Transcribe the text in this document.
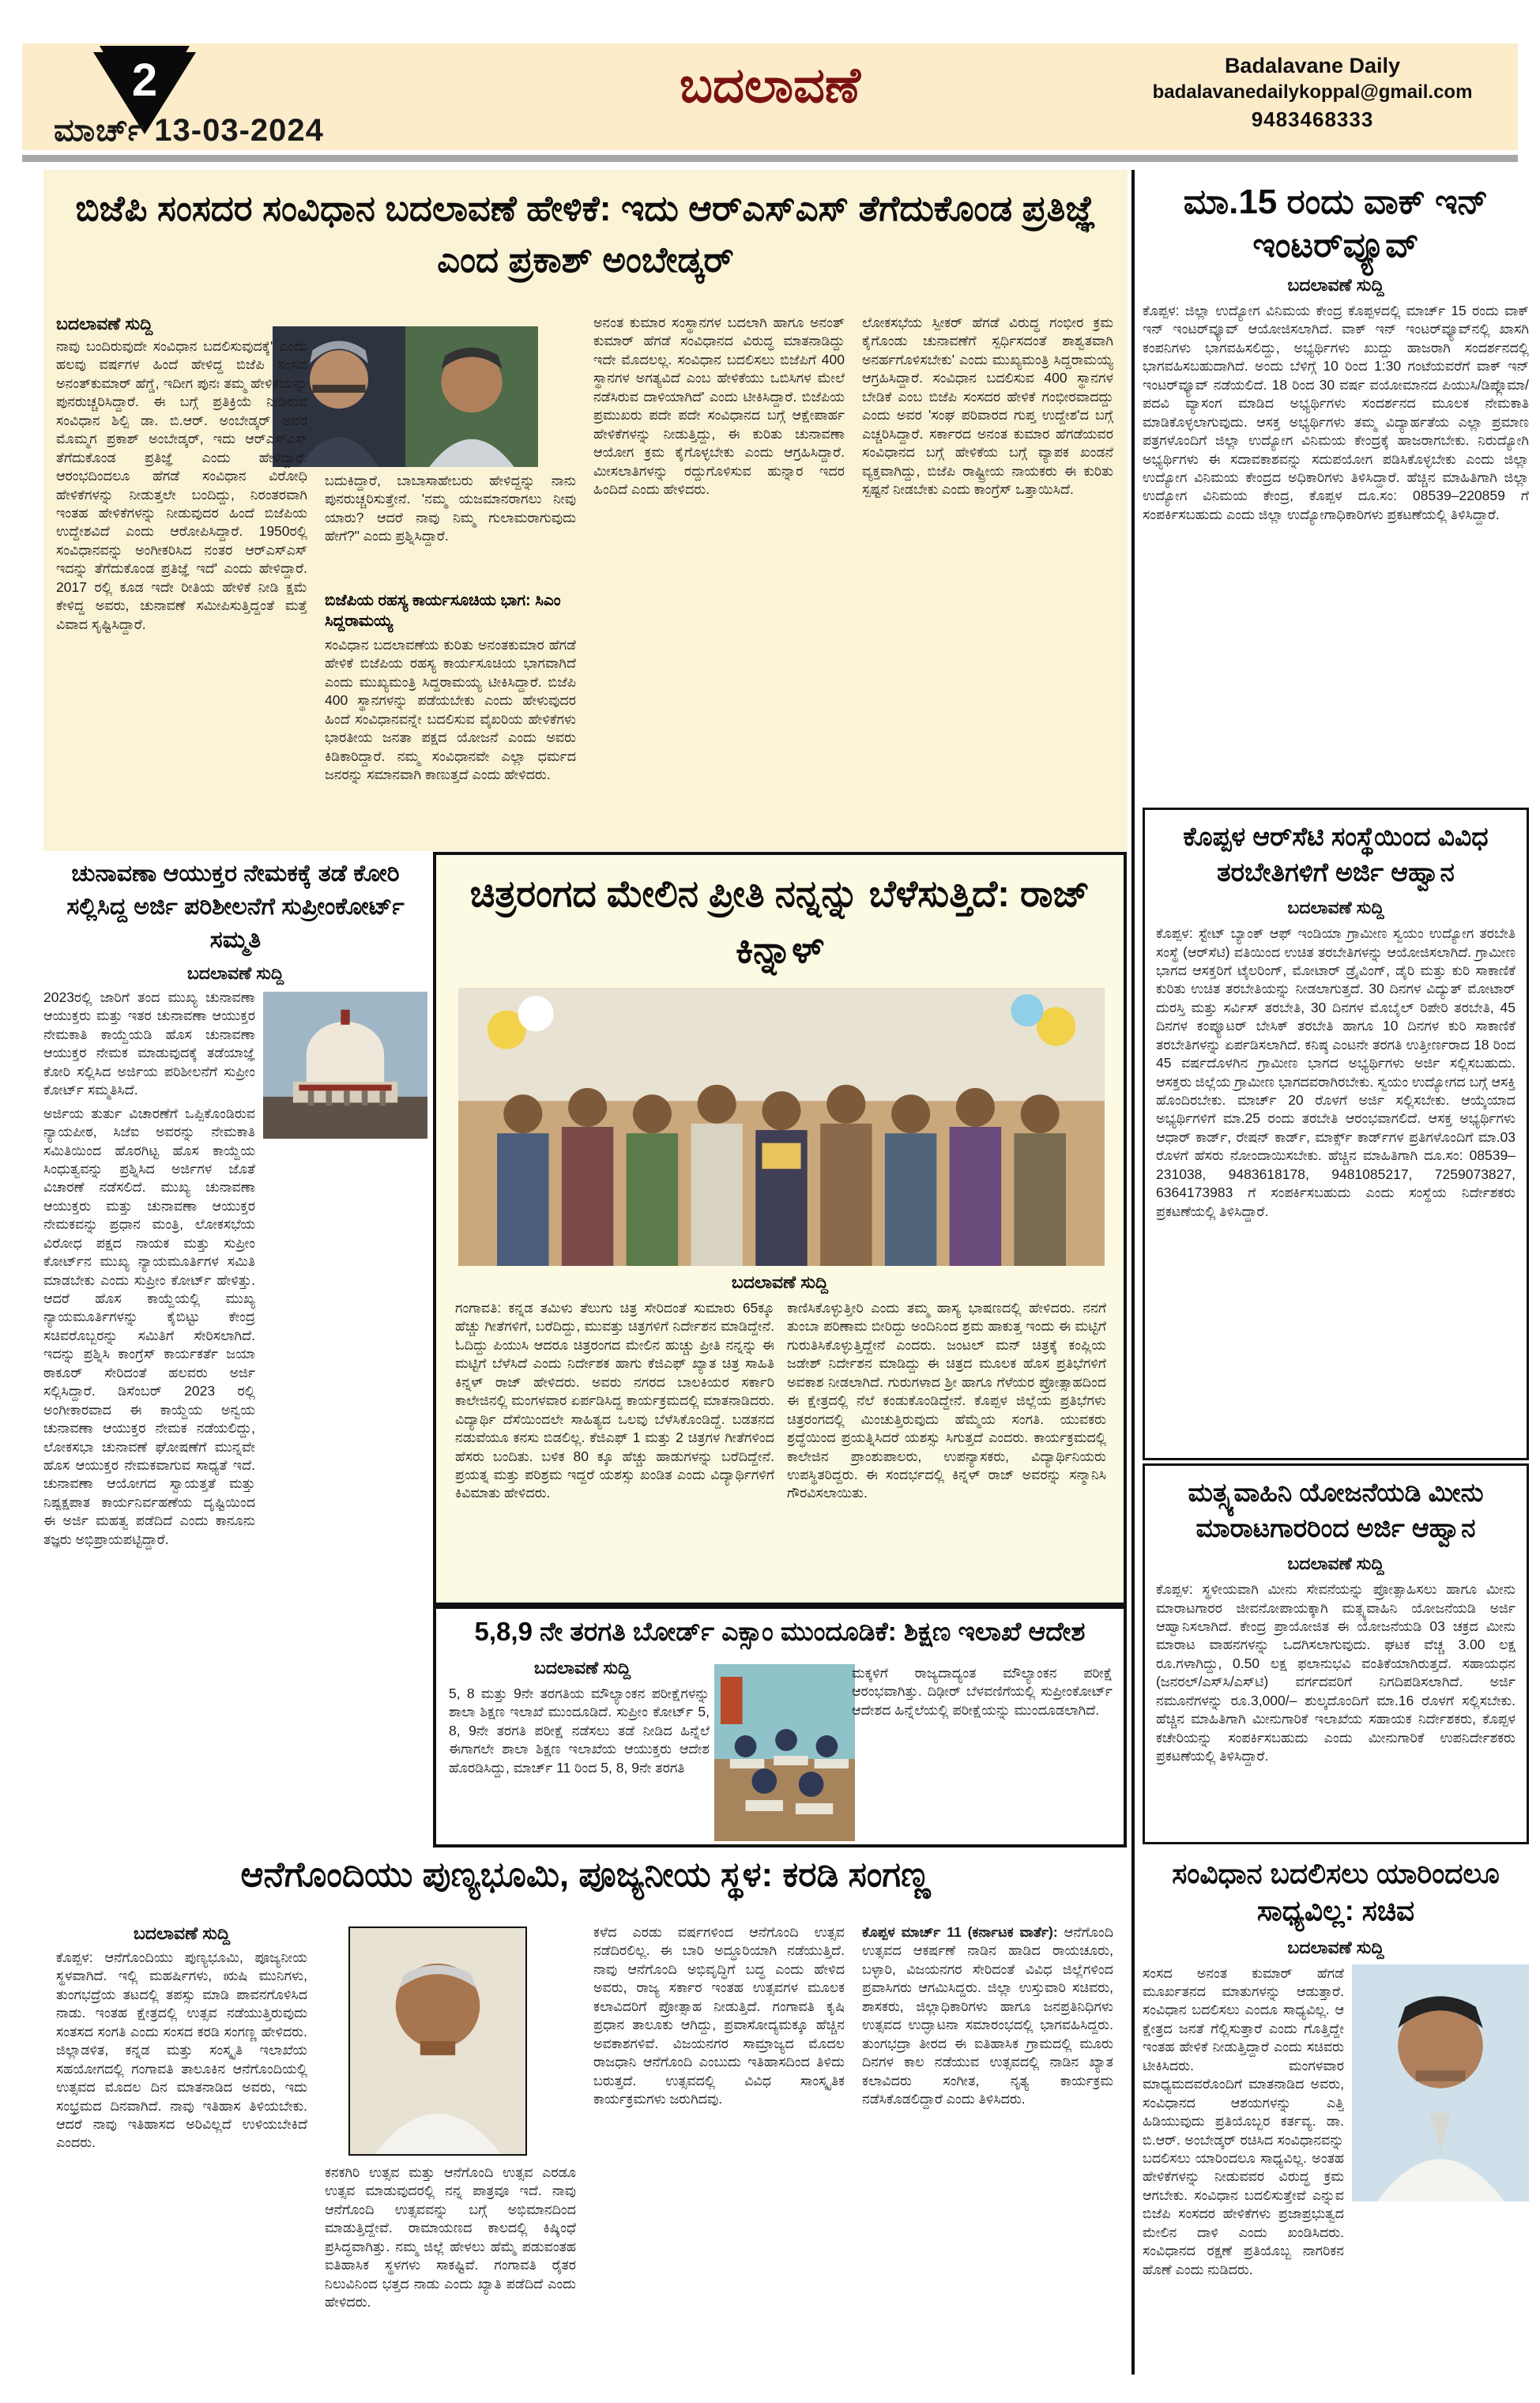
2
ಮಾರ್ಚ್ 13-03-2024
ಬದಲಾವಣೆ	Badalavane Daily
badalavanedailykoppal@gmail.com
9483468333
ಬಿಜೆಪಿ ಸಂಸದರ ಸಂವಿಧಾನ ಬದಲಾವಣೆ ಹೇಳಿಕೆ: ಇದು ಆರ್‌ಎಸ್‌ಎಸ್ ತೆಗೆದುಕೊಂಡ ಪ್ರತಿಜ್ಞೆ ಎಂದ ಪ್ರಕಾಶ್ ಅಂಬೇಡ್ಕರ್
ಬದಲಾವಣೆ ಸುದ್ದಿ
ನಾವು ಬಂದಿರುವುದೇ ಸಂವಿಧಾನ ಬದಲಿಸುವುದಕ್ಕೆ' ಎಂದು ಹಲವು ವರ್ಷಗಳ ಹಿಂದೆ ಹೇಳಿದ್ದ ಬಿಜೆಪಿ ಸಂಸದ ಅನಂತ್‌ಕುಮಾರ್ ಹೆಗ್ಡೆ, ಇದೀಗ ಪುನಃ ತಮ್ಮ ಹೇಳಿಕೆಯನ್ನು ಪುನರುಚ್ಚರಿಸಿದ್ದಾರೆ. ಈ ಬಗ್ಗೆ ಪ್ರತಿಕ್ರಿಯೆ ನೀಡಿರುವ ಸಂವಿಧಾನ ಶಿಲ್ಪಿ ಡಾ. ಬಿ.ಆರ್. ಅಂಬೇಡ್ಕರ್ ಅವರ ಮೊಮ್ಮಗ ಪ್ರಕಾಶ್ ಅಂಬೇಡ್ಕರ್, ಇದು ಆರ್‌ಎಸ್‌ಎಸ್ ತೆಗೆದುಕೊಂಡ ಪ್ರತಿಜ್ಞೆ ಎಂದು ಹೇಳಿದ್ದಾರೆ. ಆರಂಭದಿಂದಲೂ ಹೆಗಡೆ ಸಂವಿಧಾನ ವಿರೋಧಿ ಹೇಳಿಕೆಗಳನ್ನು ನೀಡುತ್ತಲೇ ಬಂದಿದ್ದು, ನಿರಂತರವಾಗಿ ಇಂತಹ ಹೇಳಿಕೆಗಳನ್ನು ನೀಡುವುದರ ಹಿಂದೆ ಬಿಜೆಪಿಯ ಉದ್ದೇಶವಿದೆ ಎಂದು ಆರೋಪಿಸಿದ್ದಾರೆ. 1950ರಲ್ಲಿ ಸಂವಿಧಾನವನ್ನು ಅಂಗೀಕರಿಸಿದ ನಂತರ ಆರ್‌ಎಸ್‌ಎಸ್ ಇದನ್ನು ತೆಗೆದುಕೊಂಡ ಪ್ರತಿಜ್ಞೆ ಇದೆ' ಎಂದು ಹೇಳಿದ್ದಾರೆ. 2017 ರಲ್ಲಿ ಕೂಡ ಇದೇ ರೀತಿಯ ಹೇಳಿಕೆ ನೀಡಿ ಕ್ಷಮೆ ಕೇಳಿದ್ದ ಅವರು, ಚುನಾವಣೆ ಸಮೀಪಿಸುತ್ತಿದ್ದಂತೆ ಮತ್ತೆ ವಿವಾದ ಸೃಷ್ಟಿಸಿದ್ದಾರೆ.
ಬದುಕಿದ್ದಾರೆ, ಬಾಬಾಸಾಹೇಬರು ಹೇಳಿದ್ದನ್ನು ನಾನು ಪುನರುಚ್ಚರಿಸುತ್ತೇನೆ. 'ನಮ್ಮ ಯಜಮಾನರಾಗಲು ನೀವು ಯಾರು? ಆದರೆ ನಾವು ನಿಮ್ಮ ಗುಲಾಮರಾಗುವುದು ಹೇಗೆ?" ಎಂದು ಪ್ರಶ್ನಿಸಿದ್ದಾರೆ.
ಬಿಜೆಪಿಯ ರಹಸ್ಯ ಕಾರ್ಯಸೂಚಿಯ ಭಾಗ: ಸಿಎಂ ಸಿದ್ದರಾಮಯ್ಯ
ಸಂವಿಧಾನ ಬದಲಾವಣೆಯ ಕುರಿತು ಅನಂತಕುಮಾರ ಹೆಗಡೆ ಹೇಳಿಕೆ ಬಿಜೆಪಿಯ ರಹಸ್ಯ ಕಾರ್ಯಸೂಚಿಯ ಭಾಗವಾಗಿದೆ ಎಂದು ಮುಖ್ಯಮಂತ್ರಿ ಸಿದ್ದರಾಮಯ್ಯ ಟೀಕಿಸಿದ್ದಾರೆ. ಬಿಜೆಪಿ 400 ಸ್ಥಾನಗಳನ್ನು ಪಡೆಯಬೇಕು ಎಂದು ಹೇಳುವುದರ ಹಿಂದೆ ಸಂವಿಧಾನವನ್ನೇ ಬದಲಿಸುವ ವೈಖರಿಯ ಹೇಳಿಕೆಗಳು ಭಾರತೀಯ ಜನತಾ ಪಕ್ಷದ ಯೋಜನೆ ಎಂದು ಅವರು ಕಿಡಿಕಾರಿದ್ದಾರೆ. ನಮ್ಮ ಸಂವಿಧಾನವೇ ಎಲ್ಲಾ ಧರ್ಮದ ಜನರನ್ನು ಸಮಾನವಾಗಿ ಕಾಣುತ್ತದೆ ಎಂದು ಹೇಳಿದರು.
ಅನಂತ ಕುಮಾರ ಸಂಸ್ಥಾನಗಳ ಬದಲಾಗಿ ಹಾಗೂ ಅನಂತ್ ಕುಮಾರ್ ಹೆಗಡೆ ಸಂವಿಧಾನದ ವಿರುದ್ಧ ಮಾತನಾಡಿದ್ದು ಇದೇ ಮೊದಲಲ್ಲ. ಸಂವಿಧಾನ ಬದಲಿಸಲು ಬಿಜೆಪಿಗೆ 400 ಸ್ಥಾನಗಳ ಅಗತ್ಯವಿದೆ ಎಂಬ ಹೇಳಿಕೆಯು ಒಬಿಸಿಗಳ ಮೇಲೆ ನಡೆಸಿರುವ ದಾಳಿಯಾಗಿದೆ' ಎಂದು ಟೀಕಿಸಿದ್ದಾರೆ. ಬಿಜೆಪಿಯ ಪ್ರಮುಖರು ಪದೇ ಪದೇ ಸಂವಿಧಾನದ ಬಗ್ಗೆ ಆಕ್ಷೇಪಾರ್ಹ ಹೇಳಿಕೆಗಳನ್ನು ನೀಡುತ್ತಿದ್ದು, ಈ ಕುರಿತು ಚುನಾವಣಾ ಆಯೋಗ ಕ್ರಮ ಕೈಗೊಳ್ಳಬೇಕು ಎಂದು ಆಗ್ರಹಿಸಿದ್ದಾರೆ. ಮೀಸಲಾತಿಗಳನ್ನು ರದ್ದುಗೊಳಿಸುವ ಹುನ್ನಾರ ಇದರ ಹಿಂದಿದೆ ಎಂದು ಹೇಳಿದರು.
ಲೋಕಸಭೆಯ ಸ್ಪೀಕರ್ ಹೆಗಡೆ ವಿರುದ್ಧ ಗಂಭೀರ ಕ್ರಮ ಕೈಗೊಂಡು ಚುನಾವಣೆಗೆ ಸ್ಪರ್ಧಿಸದಂತೆ ಶಾಶ್ವತವಾಗಿ ಅನರ್ಹಗೊಳಿಸಬೇಕು' ಎಂದು ಮುಖ್ಯಮಂತ್ರಿ ಸಿದ್ದರಾಮಯ್ಯ ಆಗ್ರಹಿಸಿದ್ದಾರೆ. ಸಂವಿಧಾನ ಬದಲಿಸುವ 400 ಸ್ಥಾನಗಳ ಬೇಡಿಕೆ ಎಂಬ ಬಿಜೆಪಿ ಸಂಸದರ ಹೇಳಿಕೆ ಗಂಭೀರವಾದದ್ದು ಎಂದು ಅವರ 'ಸಂಘ ಪರಿವಾರದ ಗುಪ್ತ ಉದ್ದೇಶ'ದ ಬಗ್ಗೆ ಎಚ್ಚರಿಸಿದ್ದಾರೆ. ಸರ್ಕಾರದ ಅನಂತ ಕುಮಾರ ಹೆಗಡೆಯವರ ಸಂವಿಧಾನದ ಬಗ್ಗೆ ಹೇಳಿಕೆಯ ಬಗ್ಗೆ ವ್ಯಾಪಕ ಖಂಡನೆ ವ್ಯಕ್ತವಾಗಿದ್ದು, ಬಿಜೆಪಿ ರಾಷ್ಟ್ರೀಯ ನಾಯಕರು ಈ ಕುರಿತು ಸ್ಪಷ್ಟನೆ ನೀಡಬೇಕು ಎಂದು ಕಾಂಗ್ರೆಸ್ ಒತ್ತಾಯಿಸಿದೆ.
ಮಾ.15 ರಂದು ವಾಕ್ ಇನ್ ಇಂಟರ್‌ವ್ಯೂವ್
ಬದಲಾವಣೆ ಸುದ್ದಿ
ಕೊಪ್ಪಳ: ಜಿಲ್ಲಾ ಉದ್ಯೋಗ ವಿನಿಮಯ ಕೇಂದ್ರ ಕೊಪ್ಪಳದಲ್ಲಿ ಮಾರ್ಚ್ 15 ರಂದು ವಾಕ್ ಇನ್ ಇಂಟರ್‌ವ್ಯೂವ್ ಆಯೋಜಿಸಲಾಗಿದೆ. ವಾಕ್ ಇನ್ ಇಂಟರ್‌ವ್ಯೂವ್‌ನಲ್ಲಿ ಖಾಸಗಿ ಕಂಪನಿಗಳು ಭಾಗವಹಿಸಲಿದ್ದು, ಅಭ್ಯರ್ಥಿಗಳು ಖುದ್ದು ಹಾಜರಾಗಿ ಸಂದರ್ಶನದಲ್ಲಿ ಭಾಗವಹಿಸಬಹುದಾಗಿದೆ. ಅಂದು ಬೆಳಿಗ್ಗೆ 10 ರಿಂದ 1:30 ಗಂಟೆಯವರೆಗೆ ವಾಕ್ ಇನ್ ಇಂಟರ್‌ವ್ಯೂವ್ ನಡೆಯಲಿದೆ. 18 ರಿಂದ 30 ವರ್ಷ ವಯೋಮಾನದ ಪಿಯುಸಿ/ಡಿಪ್ಲೊಮಾ/ಪದವಿ ವ್ಯಾಸಂಗ ಮಾಡಿದ ಅಭ್ಯರ್ಥಿಗಳು ಸಂದರ್ಶನದ ಮೂಲಕ ನೇಮಕಾತಿ ಮಾಡಿಕೊಳ್ಳಲಾಗುವುದು. ಆಸಕ್ತ ಅಭ್ಯರ್ಥಿಗಳು ತಮ್ಮ ವಿದ್ಯಾರ್ಹತೆಯ ಎಲ್ಲಾ ಪ್ರಮಾಣ ಪತ್ರಗಳೊಂದಿಗೆ ಜಿಲ್ಲಾ ಉದ್ಯೋಗ ವಿನಿಮಯ ಕೇಂದ್ರಕ್ಕೆ ಹಾಜರಾಗಬೇಕು. ನಿರುದ್ಯೋಗಿ ಅಭ್ಯರ್ಥಿಗಳು ಈ ಸದಾವಕಾಶವನ್ನು ಸದುಪಯೋಗ ಪಡಿಸಿಕೊಳ್ಳಬೇಕು ಎಂದು ಜಿಲ್ಲಾ ಉದ್ಯೋಗ ವಿನಿಮಯ ಕೇಂದ್ರದ ಅಧಿಕಾರಿಗಳು ತಿಳಿಸಿದ್ದಾರೆ. ಹೆಚ್ಚಿನ ಮಾಹಿತಿಗಾಗಿ ಜಿಲ್ಲಾ ಉದ್ಯೋಗ ವಿನಿಮಯ ಕೇಂದ್ರ, ಕೊಪ್ಪಳ ದೂ.ಸಂ: 08539–220859 ಗೆ ಸಂಪರ್ಕಿಸಬಹುದು ಎಂದು ಜಿಲ್ಲಾ ಉದ್ಯೋಗಾಧಿಕಾರಿಗಳು ಪ್ರಕಟಣೆಯಲ್ಲಿ ತಿಳಿಸಿದ್ದಾರೆ.
ಕೊಪ್ಪಳ ಆರ್‌ಸೆಟಿ ಸಂಸ್ಥೆಯಿಂದ ವಿವಿಧ ತರಬೇತಿಗಳಿಗೆ ಅರ್ಜಿ ಆಹ್ವಾನ
ಬದಲಾವಣೆ ಸುದ್ದಿ
ಕೊಪ್ಪಳ: ಸ್ಟೇಟ್ ಬ್ಯಾಂಕ್ ಆಫ್ ಇಂಡಿಯಾ ಗ್ರಾಮೀಣ ಸ್ವಯಂ ಉದ್ಯೋಗ ತರಬೇತಿ ಸಂಸ್ಥೆ (ಆರ್‌ಸೆಟಿ) ವತಿಯಿಂದ ಉಚಿತ ತರಬೇತಿಗಳನ್ನು ಆಯೋಜಿಸಲಾಗಿದೆ. ಗ್ರಾಮೀಣ ಭಾಗದ ಆಸಕ್ತರಿಗೆ ಟೈಲರಿಂಗ್, ಮೋಟಾರ್ ಡ್ರೈವಿಂಗ್, ಡೈರಿ ಮತ್ತು ಕುರಿ ಸಾಕಾಣಿಕೆ ಕುರಿತು ಉಚಿತ ತರಬೇತಿಯನ್ನು ನೀಡಲಾಗುತ್ತದೆ. 30 ದಿನಗಳ ವಿದ್ಯುತ್ ಮೋಟಾರ್ ದುರಸ್ತಿ ಮತ್ತು ಸರ್ವಿಸ್ ತರಬೇತಿ, 30 ದಿನಗಳ ಮೊಬೈಲ್ ರಿಪೇರಿ ತರಬೇತಿ, 45 ದಿನಗಳ ಕಂಪ್ಯೂಟರ್ ಬೇಸಿಕ್ ತರಬೇತಿ ಹಾಗೂ 10 ದಿನಗಳ ಕುರಿ ಸಾಕಾಣಿಕೆ ತರಬೇತಿಗಳನ್ನು ಏರ್ಪಡಿಸಲಾಗಿದೆ. ಕನಿಷ್ಠ ಎಂಟನೇ ತರಗತಿ ಉತ್ತೀರ್ಣರಾದ 18 ರಿಂದ 45 ವರ್ಷದೊಳಗಿನ ಗ್ರಾಮೀಣ ಭಾಗದ ಅಭ್ಯರ್ಥಿಗಳು ಅರ್ಜಿ ಸಲ್ಲಿಸಬಹುದು. ಆಸಕ್ತರು ಜಿಲ್ಲೆಯ ಗ್ರಾಮೀಣ ಭಾಗದವರಾಗಿರಬೇಕು. ಸ್ವಯಂ ಉದ್ಯೋಗದ ಬಗ್ಗೆ ಆಸಕ್ತಿ ಹೊಂದಿರಬೇಕು. ಮಾರ್ಚ್ 20 ರೊಳಗೆ ಅರ್ಜಿ ಸಲ್ಲಿಸಬೇಕು. ಆಯ್ಕೆಯಾದ ಅಭ್ಯರ್ಥಿಗಳಿಗೆ ಮಾ.25 ರಂದು ತರಬೇತಿ ಆರಂಭವಾಗಲಿದೆ. ಆಸಕ್ತ ಅಭ್ಯರ್ಥಿಗಳು ಆಧಾರ್ ಕಾರ್ಡ್, ರೇಷನ್ ಕಾರ್ಡ್, ಮಾರ್ಕ್ಸ್ ಕಾರ್ಡ್‌ಗಳ ಪ್ರತಿಗಳೊಂದಿಗೆ ಮಾ.03 ರೊಳಗೆ ಹೆಸರು ನೋಂದಾಯಿಸಬೇಕು. ಹೆಚ್ಚಿನ ಮಾಹಿತಿಗಾಗಿ ದೂ.ಸಂ: 08539–231038, 9483618178, 9481085217, 7259073827, 6364173983 ಗೆ ಸಂಪರ್ಕಿಸಬಹುದು ಎಂದು ಸಂಸ್ಥೆಯ ನಿರ್ದೇಶಕರು ಪ್ರಕಟಣೆಯಲ್ಲಿ ತಿಳಿಸಿದ್ದಾರೆ.
ಮತ್ಸ್ಯವಾಹಿನಿ ಯೋಜನೆಯಡಿ ಮೀನು ಮಾರಾಟಗಾರರಿಂದ ಅರ್ಜಿ ಆಹ್ವಾನ
ಬದಲಾವಣೆ ಸುದ್ದಿ
ಕೊಪ್ಪಳ: ಸ್ಥಳೀಯವಾಗಿ ಮೀನು ಸೇವನೆಯನ್ನು ಪ್ರೋತ್ಸಾಹಿಸಲು ಹಾಗೂ ಮೀನು ಮಾರಾಟಗಾರರ ಜೀವನೋಪಾಯಕ್ಕಾಗಿ ಮತ್ಸ್ಯವಾಹಿನಿ ಯೋಜನೆಯಡಿ ಅರ್ಜಿ ಆಹ್ವಾನಿಸಲಾಗಿದೆ. ಕೇಂದ್ರ ಪ್ರಾಯೋಜಿತ ಈ ಯೋಜನೆಯಡಿ 03 ಚಕ್ರದ ಮೀನು ಮಾರಾಟ ವಾಹನಗಳನ್ನು ಒದಗಿಸಲಾಗುವುದು. ಘಟಕ ವೆಚ್ಚ 3.00 ಲಕ್ಷ ರೂ.ಗಳಾಗಿದ್ದು, 0.50 ಲಕ್ಷ ಫಲಾನುಭವಿ ವಂತಿಕೆಯಾಗಿರುತ್ತದೆ. ಸಹಾಯಧನ (ಜನರಲ್/ಎಸ್‌ಸಿ/ಎಸ್‌ಟಿ) ವರ್ಗದವರಿಗೆ ನಿಗದಿಪಡಿಸಲಾಗಿದೆ. ಅರ್ಜಿ ನಮೂನೆಗಳನ್ನು ರೂ.3,000/– ಶುಲ್ಕದೊಂದಿಗೆ ಮಾ.16 ರೊಳಗೆ ಸಲ್ಲಿಸಬೇಕು. ಹೆಚ್ಚಿನ ಮಾಹಿತಿಗಾಗಿ ಮೀನುಗಾರಿಕೆ ಇಲಾಖೆಯ ಸಹಾಯಕ ನಿರ್ದೇಶಕರು, ಕೊಪ್ಪಳ ಕಚೇರಿಯನ್ನು ಸಂಪರ್ಕಿಸಬಹುದು ಎಂದು ಮೀನುಗಾರಿಕೆ ಉಪನಿರ್ದೇಶಕರು ಪ್ರಕಟಣೆಯಲ್ಲಿ ತಿಳಿಸಿದ್ದಾರೆ.
ಸಂವಿಧಾನ ಬದಲಿಸಲು ಯಾರಿಂದಲೂ ಸಾಧ್ಯವಿಲ್ಲ: ಸಚಿವ
ಬದಲಾವಣೆ ಸುದ್ದಿ
ಸಂಸದ ಅನಂತ ಕುಮಾರ್ ಹೆಗಡೆ ಮೂರ್ಖತನದ ಮಾತುಗಳನ್ನು ಆಡುತ್ತಾರೆ. ಸಂವಿಧಾನ ಬದಲಿಸಲು ಎಂದೂ ಸಾಧ್ಯವಿಲ್ಲ. ಆ ಕ್ಷೇತ್ರದ ಜನತೆ ಗೆಲ್ಲಿಸುತ್ತಾರೆ ಎಂದು ಗೊತ್ತಿದ್ದೇ ಇಂತಹ ಹೇಳಿಕೆ ನೀಡುತ್ತಿದ್ದಾರೆ ಎಂದು ಸಚಿವರು ಟೀಕಿಸಿದರು.	ಮಂಗಳವಾರ ಮಾಧ್ಯಮದವರೊಂದಿಗೆ ಮಾತನಾಡಿದ ಅವರು, ಸಂವಿಧಾನದ ಆಶಯಗಳನ್ನು ಎತ್ತಿ ಹಿಡಿಯುವುದು ಪ್ರತಿಯೊಬ್ಬರ ಕರ್ತವ್ಯ. ಡಾ. ಬಿ.ಆರ್. ಅಂಬೇಡ್ಕರ್ ರಚಿಸಿದ ಸಂವಿಧಾನವನ್ನು ಬದಲಿಸಲು ಯಾರಿಂದಲೂ ಸಾಧ್ಯವಿಲ್ಲ. ಅಂತಹ ಹೇಳಿಕೆಗಳನ್ನು ನೀಡುವವರ ವಿರುದ್ಧ ಕ್ರಮ ಆಗಬೇಕು. ಸಂವಿಧಾನ ಬದಲಿಸುತ್ತೇವೆ ಎನ್ನುವ ಬಿಜೆಪಿ ಸಂಸದರ ಹೇಳಿಕೆಗಳು ಪ್ರಜಾಪ್ರಭುತ್ವದ ಮೇಲಿನ ದಾಳಿ ಎಂದು ಖಂಡಿಸಿದರು. ಸಂವಿಧಾನದ ರಕ್ಷಣೆ ಪ್ರತಿಯೊಬ್ಬ ನಾಗರಿಕನ ಹೊಣೆ ಎಂದು ನುಡಿದರು.
ಚುನಾವಣಾ ಆಯುಕ್ತರ ನೇಮಕಕ್ಕೆ ತಡೆ ಕೋರಿ ಸಲ್ಲಿಸಿದ್ದ ಅರ್ಜಿ ಪರಿಶೀಲನೆಗೆ ಸುಪ್ರೀಂಕೋರ್ಟ್ ಸಮ್ಮತಿ
ಬದಲಾವಣೆ ಸುದ್ದಿ
2023ರಲ್ಲಿ ಜಾರಿಗೆ ತಂದ ಮುಖ್ಯ ಚುನಾವಣಾ ಆಯುಕ್ತರು ಮತ್ತು ಇತರ ಚುನಾವಣಾ ಆಯುಕ್ತರ ನೇಮಕಾತಿ ಕಾಯ್ದೆಯಡಿ ಹೊಸ ಚುನಾವಣಾ ಆಯುಕ್ತರ ನೇಮಕ ಮಾಡುವುದಕ್ಕೆ ತಡೆಯಾಜ್ಞೆ ಕೋರಿ ಸಲ್ಲಿಸಿದ ಅರ್ಜಿಯ ಪರಿಶೀಲನೆಗೆ ಸುಪ್ರೀಂ ಕೋರ್ಟ್ ಸಮ್ಮತಿಸಿದೆ.
ಅರ್ಜಿಯ ತುರ್ತು ವಿಚಾರಣೆಗೆ ಒಪ್ಪಿಕೊಂಡಿರುವ ನ್ಯಾಯಪೀಠ, ಸಿಜೆಐ ಅವರನ್ನು ನೇಮಕಾತಿ ಸಮಿತಿಯಿಂದ ಹೊರಗಿಟ್ಟ ಹೊಸ ಕಾಯ್ದೆಯ ಸಿಂಧುತ್ವವನ್ನು ಪ್ರಶ್ನಿಸಿದ ಅರ್ಜಿಗಳ ಜೊತೆ ವಿಚಾರಣೆ ನಡೆಸಲಿದೆ. ಮುಖ್ಯ ಚುನಾವಣಾ ಆಯುಕ್ತರು ಮತ್ತು ಚುನಾವಣಾ ಆಯುಕ್ತರ ನೇಮಕವನ್ನು ಪ್ರಧಾನ ಮಂತ್ರಿ, ಲೋಕಸಭೆಯ ವಿರೋಧ ಪಕ್ಷದ ನಾಯಕ ಮತ್ತು ಸುಪ್ರೀಂ ಕೋರ್ಟ್‌ನ ಮುಖ್ಯ ನ್ಯಾಯಮೂರ್ತಿಗಳ ಸಮಿತಿ ಮಾಡಬೇಕು ಎಂದು ಸುಪ್ರೀಂ ಕೋರ್ಟ್ ಹೇಳಿತ್ತು. ಆದರೆ ಹೊಸ ಕಾಯ್ದೆಯಲ್ಲಿ ಮುಖ್ಯ ನ್ಯಾಯಮೂರ್ತಿಗಳನ್ನು ಕೈಬಿಟ್ಟು ಕೇಂದ್ರ ಸಚಿವರೊಬ್ಬರನ್ನು ಸಮಿತಿಗೆ ಸೇರಿಸಲಾಗಿದೆ. ಇದನ್ನು ಪ್ರಶ್ನಿಸಿ ಕಾಂಗ್ರೆಸ್ ಕಾರ್ಯಕರ್ತೆ ಜಯಾ ಠಾಕೂರ್ ಸೇರಿದಂತೆ ಹಲವರು ಅರ್ಜಿ ಸಲ್ಲಿಸಿದ್ದಾರೆ. ಡಿಸೆಂಬರ್ 2023 ರಲ್ಲಿ ಅಂಗೀಕಾರವಾದ ಈ ಕಾಯ್ದೆಯ ಅನ್ವಯ ಚುನಾವಣಾ ಆಯುಕ್ತರ ನೇಮಕ ನಡೆಯಲಿದ್ದು, ಲೋಕಸಭಾ ಚುನಾವಣೆ ಘೋಷಣೆಗೆ ಮುನ್ನವೇ ಹೊಸ ಆಯುಕ್ತರ ನೇಮಕವಾಗುವ ಸಾಧ್ಯತೆ ಇದೆ. ಚುನಾವಣಾ ಆಯೋಗದ ಸ್ವಾಯತ್ತತೆ ಮತ್ತು ನಿಷ್ಪಕ್ಷಪಾತ ಕಾರ್ಯನಿರ್ವಹಣೆಯ ದೃಷ್ಟಿಯಿಂದ ಈ ಅರ್ಜಿ ಮಹತ್ವ ಪಡೆದಿದೆ ಎಂದು ಕಾನೂನು ತಜ್ಞರು ಅಭಿಪ್ರಾಯಪಟ್ಟಿದ್ದಾರೆ.
ಚಿತ್ರರಂಗದ ಮೇಲಿನ ಪ್ರೀತಿ ನನ್ನನ್ನು ಬೆಳೆಸುತ್ತಿದೆ: ರಾಜ್ ಕಿನ್ನಾಳ್
ಬದಲಾವಣೆ ಸುದ್ದಿ
ಗಂಗಾವತಿ: ಕನ್ನಡ ತಮಿಳು ತೆಲುಗು ಚಿತ್ರ ಸೇರಿದಂತೆ ಸುಮಾರು 65ಕ್ಕೂ ಹೆಚ್ಚು ಗೀತೆಗಳಿಗೆ, ಬರೆದಿದ್ದು, ಮುವತ್ತು ಚಿತ್ರಗಳಿಗೆ ನಿರ್ದೇಶನ ಮಾಡಿದ್ದೇನೆ. ಓದಿದ್ದು ಪಿಯುಸಿ ಆದರೂ ಚಿತ್ರರಂಗದ ಮೇಲಿನ ಹುಚ್ಚು ಪ್ರೀತಿ ನನ್ನನ್ನು ಈ ಮಟ್ಟಿಗೆ ಬೆಳೆಸಿದೆ ಎಂದು ನಿರ್ದೇಶಕ ಹಾಗು ಕೆಜಿಎಫ್ ಖ್ಯಾತ ಚಿತ್ರ ಸಾಹಿತಿ ಕಿನ್ನಳ್ ರಾಜ್ ಹೇಳಿದರು. ಅವರು ನಗರದ ಬಾಲಕಿಯರ ಸರ್ಕಾರಿ ಕಾಲೇಜಿನಲ್ಲಿ ಮಂಗಳವಾರ ಏರ್ಪಡಿಸಿದ್ದ ಕಾರ್ಯಕ್ರಮದಲ್ಲಿ ಮಾತನಾಡಿದರು. ವಿದ್ಯಾರ್ಥಿ ದೆಸೆಯಿಂದಲೇ ಸಾಹಿತ್ಯದ ಒಲವು ಬೆಳೆಸಿಕೊಂಡಿದ್ದೆ. ಬಡತನದ ನಡುವೆಯೂ ಕನಸು ಬಿಡಲಿಲ್ಲ. ಕೆಜಿಎಫ್ 1 ಮತ್ತು 2 ಚಿತ್ರಗಳ ಗೀತೆಗಳಿಂದ ಹೆಸರು ಬಂದಿತು. ಬಳಿಕ 80 ಕ್ಕೂ ಹೆಚ್ಚು ಹಾಡುಗಳನ್ನು ಬರೆದಿದ್ದೇನೆ. ಪ್ರಯತ್ನ ಮತ್ತು ಪರಿಶ್ರಮ ಇದ್ದರೆ ಯಶಸ್ಸು ಖಂಡಿತ ಎಂದು ವಿದ್ಯಾರ್ಥಿಗಳಿಗೆ ಕಿವಿಮಾತು ಹೇಳಿದರು.
ಕಾಣಿಸಿಕೊಳ್ಳುತ್ತೀರಿ ಎಂದು ತಮ್ಮ ಹಾಸ್ಯ ಭಾಷಣದಲ್ಲಿ ಹೇಳಿದರು. ನನಗೆ ತುಂಬಾ ಪರಿಣಾಮ ಬೀರಿದ್ದು ಅಂದಿನಿಂದ ಶ್ರಮ ಹಾಕುತ್ತ ಇಂದು ಈ ಮಟ್ಟಿಗೆ ಗುರುತಿಸಿಕೊಳ್ಳುತ್ತಿದ್ದೇನೆ ಎಂದರು. ಜಂಟಲ್ ಮನ್ ಚಿತ್ರಕ್ಕೆ ಕಂಪ್ಲಿಯ ಜಡೇಶ್ ನಿರ್ದೇಶನ ಮಾಡಿದ್ದು ಈ ಚಿತ್ರದ ಮೂಲಕ ಹೊಸ ಪ್ರತಿಭೆಗಳಿಗೆ ಅವಕಾಶ ನೀಡಲಾಗಿದೆ. ಗುರುಗಳಾದ ಶ್ರೀ ಹಾಗೂ ಗೆಳೆಯರ ಪ್ರೋತ್ಸಾಹದಿಂದ ಈ ಕ್ಷೇತ್ರದಲ್ಲಿ ನೆಲೆ ಕಂಡುಕೊಂಡಿದ್ದೇನೆ. ಕೊಪ್ಪಳ ಜಿಲ್ಲೆಯ ಪ್ರತಿಭೆಗಳು ಚಿತ್ರರಂಗದಲ್ಲಿ ಮಿಂಚುತ್ತಿರುವುದು ಹೆಮ್ಮೆಯ ಸಂಗತಿ. ಯುವಕರು ಶ್ರದ್ಧೆಯಿಂದ ಪ್ರಯತ್ನಿಸಿದರೆ ಯಶಸ್ಸು ಸಿಗುತ್ತದೆ ಎಂದರು. ಕಾರ್ಯಕ್ರಮದಲ್ಲಿ ಕಾಲೇಜಿನ ಪ್ರಾಂಶುಪಾಲರು, ಉಪನ್ಯಾಸಕರು, ವಿದ್ಯಾರ್ಥಿನಿಯರು ಉಪಸ್ಥಿತರಿದ್ದರು. ಈ ಸಂದರ್ಭದಲ್ಲಿ ಕಿನ್ನಳ್ ರಾಜ್ ಅವರನ್ನು ಸನ್ಮಾನಿಸಿ ಗೌರವಿಸಲಾಯಿತು.
5,8,9 ನೇ ತರಗತಿ ಬೋರ್ಡ್ ಎಕ್ಸಾಂ ಮುಂದೂಡಿಕೆ: ಶಿಕ್ಷಣ ಇಲಾಖೆ ಆದೇಶ
ಬದಲಾವಣೆ ಸುದ್ದಿ
5, 8 ಮತ್ತು 9ನೇ ತರಗತಿಯ ಮೌಲ್ಯಾಂಕನ ಪರೀಕ್ಷೆಗಳನ್ನು ಶಾಲಾ ಶಿಕ್ಷಣ ಇಲಾಖೆ ಮುಂದೂಡಿದೆ. ಸುಪ್ರೀಂ ಕೋರ್ಟ್ 5, 8, 9ನೇ ತರಗತಿ ಪರೀಕ್ಷೆ ನಡೆಸಲು ತಡೆ ನೀಡಿದ ಹಿನ್ನೆಲೆ ಈಗಾಗಲೇ ಶಾಲಾ ಶಿಕ್ಷಣ ಇಲಾಖೆಯ ಆಯುಕ್ತರು ಆದೇಶ ಹೊರಡಿಸಿದ್ದು, ಮಾರ್ಚ್ 11 ರಿಂದ 5, 8, 9ನೇ ತರಗತಿ
ಮಕ್ಕಳಿಗೆ ರಾಜ್ಯದಾದ್ಯಂತ ಮೌಲ್ಯಾಂಕನ ಪರೀಕ್ಷೆ ಆರಂಭವಾಗಿತ್ತು. ದಿಢೀರ್ ಬೆಳವಣಿಗೆಯಲ್ಲಿ ಸುಪ್ರೀಂಕೋರ್ಟ್ ಆದೇಶದ ಹಿನ್ನೆಲೆಯಲ್ಲಿ ಪರೀಕ್ಷೆಯನ್ನು ಮುಂದೂಡಲಾಗಿದೆ.
ಆನೆಗೊಂದಿಯು ಪುಣ್ಯಭೂಮಿ, ಪೂಜ್ಯನೀಯ ಸ್ಥಳ: ಕರಡಿ ಸಂಗಣ್ಣ
ಬದಲಾವಣೆ ಸುದ್ದಿ
ಕೊಪ್ಪಳ: ಆನೆಗೊಂದಿಯು ಪುಣ್ಯಭೂಮಿ, ಪೂಜ್ಯನೀಯ ಸ್ಥಳವಾಗಿದೆ. ಇಲ್ಲಿ ಮಹರ್ಷಿಗಳು, ಋಷಿ ಮುನಿಗಳು, ತುಂಗಭದ್ರೆಯ ತಟದಲ್ಲಿ ತಪಸ್ಸು ಮಾಡಿ ಪಾವನಗೊಳಿಸಿದ ನಾಡು. ಇಂತಹ ಕ್ಷೇತ್ರದಲ್ಲಿ ಉತ್ಸವ ನಡೆಯುತ್ತಿರುವುದು ಸಂತಸದ ಸಂಗತಿ ಎಂದು ಸಂಸದ ಕರಡಿ ಸಂಗಣ್ಣ ಹೇಳಿದರು. ಜಿಲ್ಲಾಡಳಿತ, ಕನ್ನಡ ಮತ್ತು ಸಂಸ್ಕೃತಿ ಇಲಾಖೆಯ ಸಹಯೋಗದಲ್ಲಿ ಗಂಗಾವತಿ ತಾಲೂಕಿನ ಆನೆಗೊಂದಿಯಲ್ಲಿ ಉತ್ಸವದ ಮೊದಲ ದಿನ ಮಾತನಾಡಿದ ಅವರು, ಇದು ಸಂಭ್ರಮದ ದಿನವಾಗಿದೆ. ನಾವು ಇತಿಹಾಸ ತಿಳಿಯಬೇಕು. ಆದರೆ ನಾವು ಇತಿಹಾಸದ ಅರಿವಿಲ್ಲದೆ ಉಳಿಯಬೇಕಿದೆ ಎಂದರು.
ಕನಕಗಿರಿ ಉತ್ಸವ ಮತ್ತು ಆನೆಗೊಂದಿ ಉತ್ಸವ ಎರಡೂ ಉತ್ಸವ ಮಾಡುವುದರಲ್ಲಿ ನನ್ನ ಪಾತ್ರವೂ ಇದೆ. ನಾವು ಆನೆಗೊಂದಿ ಉತ್ಸವವನ್ನು ಬಗ್ಗೆ ಅಭಿಮಾನದಿಂದ ಮಾಡುತ್ತಿದ್ದೇವೆ. ರಾಮಾಯಣದ ಕಾಲದಲ್ಲಿ ಕಿಷ್ಕಿಂಧೆ ಪ್ರಸಿದ್ಧವಾಗಿತ್ತು. ನಮ್ಮ ಜಿಲ್ಲೆ ಹೇಳಲು ಹೆಮ್ಮೆ ಪಡುವಂತಹ ಐತಿಹಾಸಿಕ ಸ್ಥಳಗಳು ಸಾಕಷ್ಟಿವೆ. ಗಂಗಾವತಿ ರೈತರ ನಿಲುವಿನಿಂದ ಭತ್ತದ ನಾಡು ಎಂದು ಖ್ಯಾತಿ ಪಡೆದಿದೆ ಎಂದು ಹೇಳಿದರು.
ಕಳೆದ ಎರಡು ವರ್ಷಗಳಿಂದ ಆನೆಗೊಂದಿ ಉತ್ಸವ ನಡೆದಿರಲಿಲ್ಲ. ಈ ಬಾರಿ ಅದ್ಧೂರಿಯಾಗಿ ನಡೆಯುತ್ತಿದೆ. ನಾವು ಆನೆಗೊಂದಿ ಅಭಿವೃದ್ಧಿಗೆ ಬದ್ಧ ಎಂದು ಹೇಳಿದ ಅವರು, ರಾಜ್ಯ ಸರ್ಕಾರ ಇಂತಹ ಉತ್ಸವಗಳ ಮೂಲಕ ಕಲಾವಿದರಿಗೆ ಪ್ರೋತ್ಸಾಹ ನೀಡುತ್ತಿದೆ. ಗಂಗಾವತಿ ಕೃಷಿ ಪ್ರಧಾನ ತಾಲೂಕು ಆಗಿದ್ದು, ಪ್ರವಾಸೋದ್ಯಮಕ್ಕೂ ಹೆಚ್ಚಿನ ಅವಕಾಶಗಳಿವೆ. ವಿಜಯನಗರ ಸಾಮ್ರಾಜ್ಯದ ಮೊದಲ ರಾಜಧಾನಿ ಆನೆಗೊಂದಿ ಎಂಬುದು ಇತಿಹಾಸದಿಂದ ತಿಳಿದು ಬರುತ್ತದೆ. ಉತ್ಸವದಲ್ಲಿ ವಿವಿಧ ಸಾಂಸ್ಕೃತಿಕ ಕಾರ್ಯಕ್ರಮಗಳು ಜರುಗಿದವು.
ಕೊಪ್ಪಳ ಮಾರ್ಚ್ 11 (ಕರ್ನಾಟಕ ವಾರ್ತೆ): ಆನೆಗೊಂದಿ ಉತ್ಸವದ ಆಕರ್ಷಣೆ ನಾಡಿನ ಹಾಡಿದ ರಾಯಚೂರು, ಬಳ್ಳಾರಿ, ವಿಜಯನಗರ ಸೇರಿದಂತೆ ವಿವಿಧ ಜಿಲ್ಲೆಗಳಿಂದ ಪ್ರವಾಸಿಗರು ಆಗಮಿಸಿದ್ದರು. ಜಿಲ್ಲಾ ಉಸ್ತುವಾರಿ ಸಚಿವರು, ಶಾಸಕರು, ಜಿಲ್ಲಾಧಿಕಾರಿಗಳು ಹಾಗೂ ಜನಪ್ರತಿನಿಧಿಗಳು ಉತ್ಸವದ ಉದ್ಘಾಟನಾ ಸಮಾರಂಭದಲ್ಲಿ ಭಾಗವಹಿಸಿದ್ದರು. ತುಂಗಭದ್ರಾ ತೀರದ ಈ ಐತಿಹಾಸಿಕ ಗ್ರಾಮದಲ್ಲಿ ಮೂರು ದಿನಗಳ ಕಾಲ ನಡೆಯುವ ಉತ್ಸವದಲ್ಲಿ ನಾಡಿನ ಖ್ಯಾತ ಕಲಾವಿದರು ಸಂಗೀತ, ನೃತ್ಯ ಕಾರ್ಯಕ್ರಮ ನಡೆಸಿಕೊಡಲಿದ್ದಾರೆ ಎಂದು ತಿಳಿಸಿದರು.
